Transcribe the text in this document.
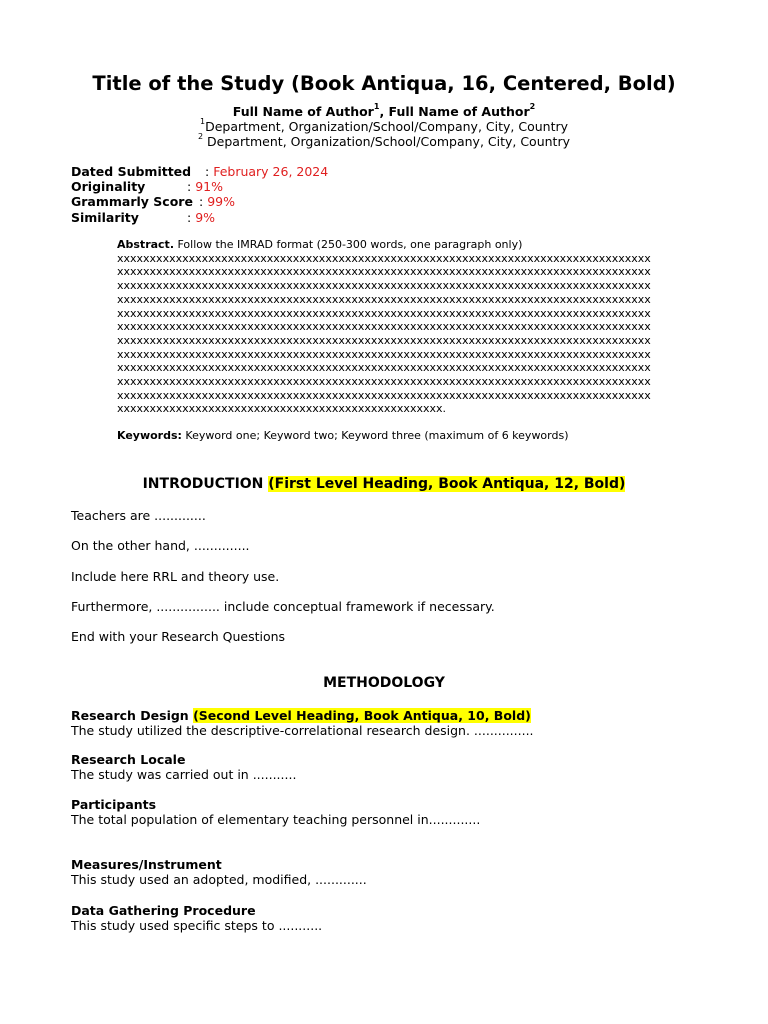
Title of the Study (Book Antiqua, 16, Centered, Bold)
Full Name of Author$^1$, Full Name of Author$^2$
$^1$Department, Organization/School/Company, City, Country
$^2$ Department, Organization/School/Company, City, Country
Dated Submitted : February 26, 2024
Originality	: 91%
Grammarly Score : 99%
Similarity	: 9%
Abstract. Follow the IMRAD format (250-300 words, one paragraph only)
xxxxxxxxxxxxxxxxxxxxxxxxxxxxxxxxxxxxxxxxxxxxxxxxxxxxxxxxxxxxxxxxxxxxxxxxxxxxxxxxxx
xxxxxxxxxxxxxxxxxxxxxxxxxxxxxxxxxxxxxxxxxxxxxxxxxxxxxxxxxxxxxxxxxxxxxxxxxxxxxxxxxx
xxxxxxxxxxxxxxxxxxxxxxxxxxxxxxxxxxxxxxxxxxxxxxxxxxxxxxxxxxxxxxxxxxxxxxxxxxxxxxxxxx
xxxxxxxxxxxxxxxxxxxxxxxxxxxxxxxxxxxxxxxxxxxxxxxxxxxxxxxxxxxxxxxxxxxxxxxxxxxxxxxxxx
xxxxxxxxxxxxxxxxxxxxxxxxxxxxxxxxxxxxxxxxxxxxxxxxxxxxxxxxxxxxxxxxxxxxxxxxxxxxxxxxxx
xxxxxxxxxxxxxxxxxxxxxxxxxxxxxxxxxxxxxxxxxxxxxxxxxxxxxxxxxxxxxxxxxxxxxxxxxxxxxxxxxx
xxxxxxxxxxxxxxxxxxxxxxxxxxxxxxxxxxxxxxxxxxxxxxxxxxxxxxxxxxxxxxxxxxxxxxxxxxxxxxxxxx
xxxxxxxxxxxxxxxxxxxxxxxxxxxxxxxxxxxxxxxxxxxxxxxxxxxxxxxxxxxxxxxxxxxxxxxxxxxxxxxxxx
xxxxxxxxxxxxxxxxxxxxxxxxxxxxxxxxxxxxxxxxxxxxxxxxxxxxxxxxxxxxxxxxxxxxxxxxxxxxxxxxxx
xxxxxxxxxxxxxxxxxxxxxxxxxxxxxxxxxxxxxxxxxxxxxxxxxxxxxxxxxxxxxxxxxxxxxxxxxxxxxxxxxx
xxxxxxxxxxxxxxxxxxxxxxxxxxxxxxxxxxxxxxxxxxxxxxxxxxxxxxxxxxxxxxxxxxxxxxxxxxxxxxxxxx
xxxxxxxxxxxxxxxxxxxxxxxxxxxxxxxxxxxxxxxxxxxxxxxxxx.
Keywords: Keyword one; Keyword two; Keyword three (maximum of 6 keywords)
INTRODUCTION (First Level Heading, Book Antiqua, 12, Bold)
Teachers are .............
On the other hand, ..............
Include here RRL and theory use.
Furthermore, ................ include conceptual framework if necessary.
End with your Research Questions
METHODOLOGY
Research Design (Second Level Heading, Book Antiqua, 10, Bold)
The study utilized the descriptive-correlational research design. ...............
Research Locale
The study was carried out in ...........
Participants
The total population of elementary teaching personnel in.............
Measures/Instrument
This study used an adopted, modified, .............
Data Gathering Procedure
This study used specific steps to ...........
